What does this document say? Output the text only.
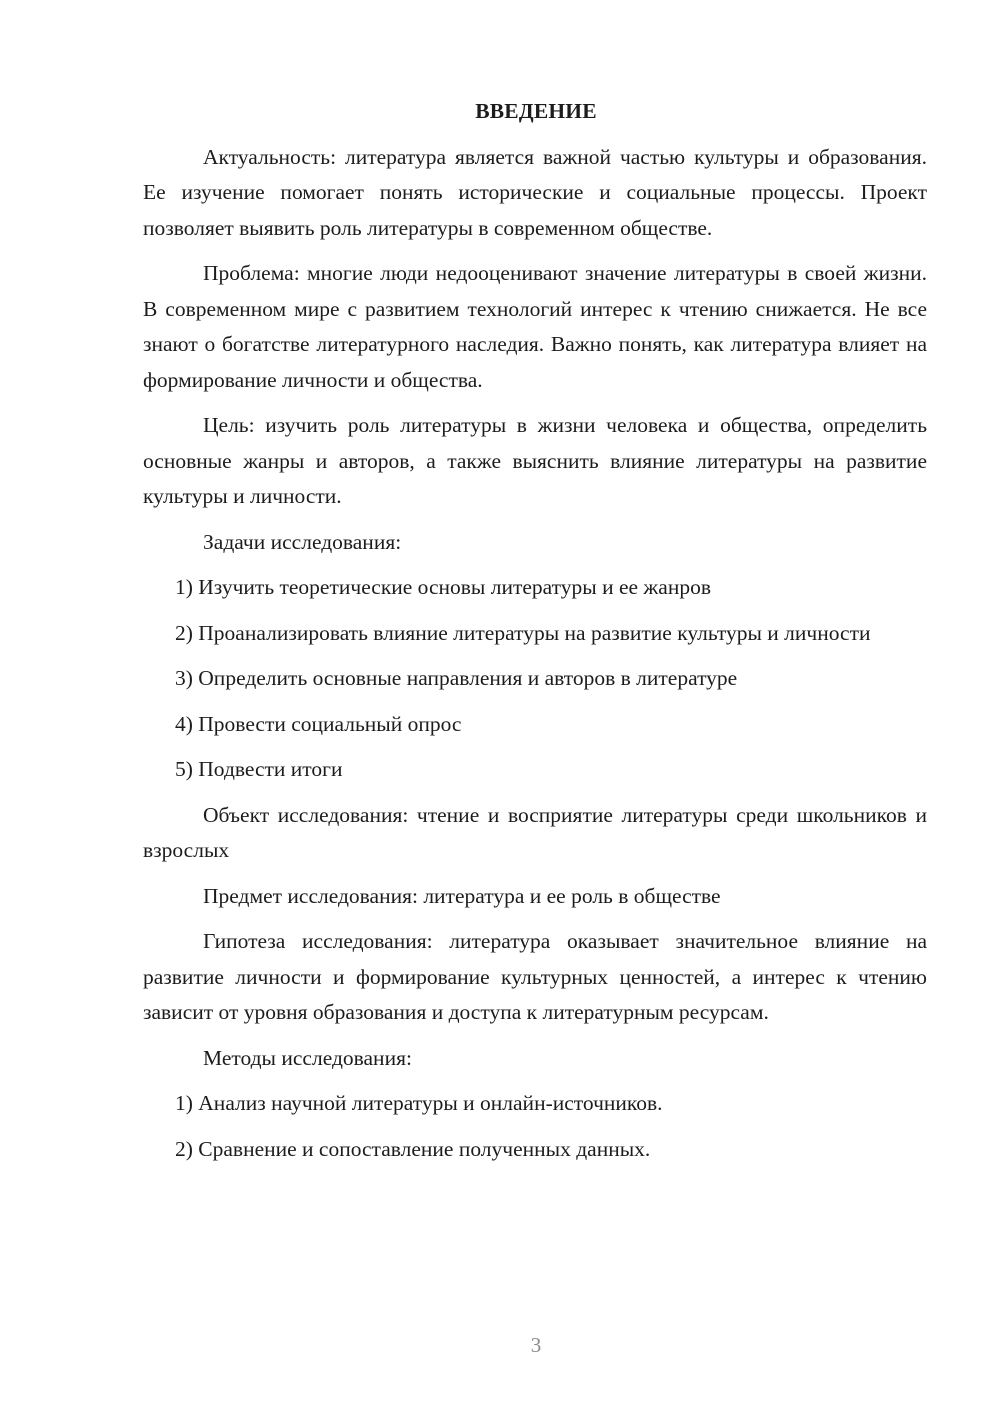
ВВЕДЕНИЕ

Актуальность: литература является важной частью культуры и образования. Ее изучение помогает понять исторические и социальные процессы. Проект позволяет выявить роль литературы в современном обществе.

Проблема: многие люди недооценивают значение литературы в своей жизни. В современном мире с развитием технологий интерес к чтению снижается. Не все знают о богатстве литературного наследия. Важно понять, как литература влияет на формирование личности и общества.

Цель: изучить роль литературы в жизни человека и общества, определить основные жанры и авторов, а также выяснить влияние литературы на развитие культуры и личности.

Задачи исследования:

1) Изучить теоретические основы литературы и ее жанров

2) Проанализировать влияние литературы на развитие культуры и личности

3) Определить основные направления и авторов в литературе

4) Провести социальный опрос

5) Подвести итоги

Объект исследования: чтение и восприятие литературы среди школьников и взрослых

Предмет исследования: литература и ее роль в обществе

Гипотеза исследования: литература оказывает значительное влияние на развитие личности и формирование культурных ценностей, а интерес к чтению зависит от уровня образования и доступа к литературным ресурсам.

Методы исследования:

1) Анализ научной литературы и онлайн-источников.

2) Сравнение и сопоставление полученных данных.

3
